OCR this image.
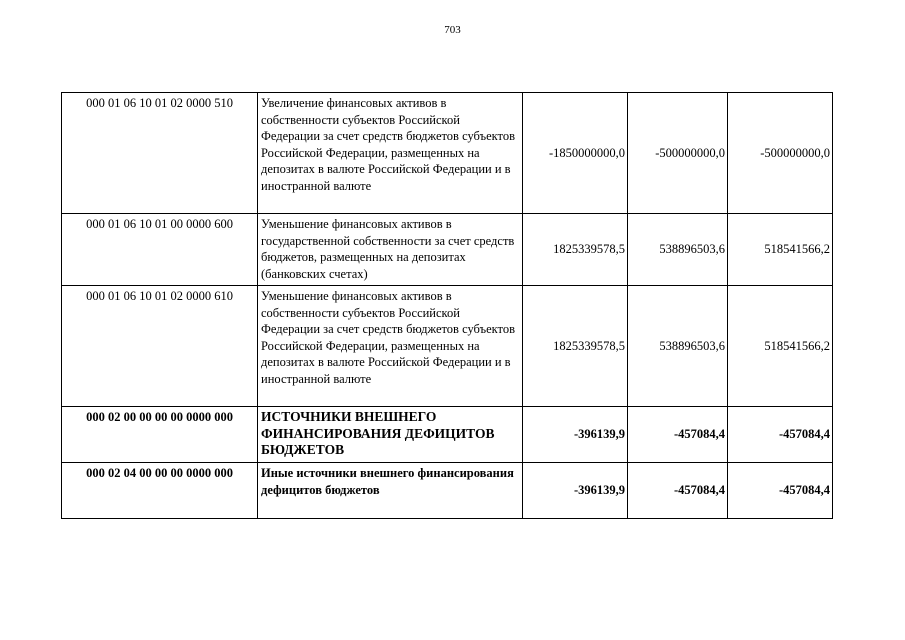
703
000 01 06 10 01 02 0000 510	Увеличение финансовых активов в собственности субъектов Российской Федерации за счет средств бюджетов субъектов Российской Федерации, размещенных на депозитах в валюте Российской Федерации и в иностранной валюте	-1850000000,0	-500000000,0	-500000000,0
000 01 06 10 01 00 0000 600	Уменьшение финансовых активов в государственной собственности за счет средств бюджетов, размещенных на депозитах (банковских счетах)	1825339578,5	538896503,6	518541566,2
000 01 06 10 01 02 0000 610	Уменьшение финансовых активов в собственности субъектов Российской Федерации за счет средств бюджетов субъектов Российской Федерации, размещенных на депозитах в валюте Российской Федерации и в иностранной валюте	1825339578,5	538896503,6	518541566,2
000 02 00 00 00 00 0000 000	ИСТОЧНИКИ ВНЕШНЕГО ФИНАНСИРОВАНИЯ ДЕФИЦИТОВ БЮДЖЕТОВ	-396139,9	-457084,4	-457084,4
000 02 04 00 00 00 0000 000	Иные источники внешнего финансирования дефицитов бюджетов	-396139,9	-457084,4	-457084,4
